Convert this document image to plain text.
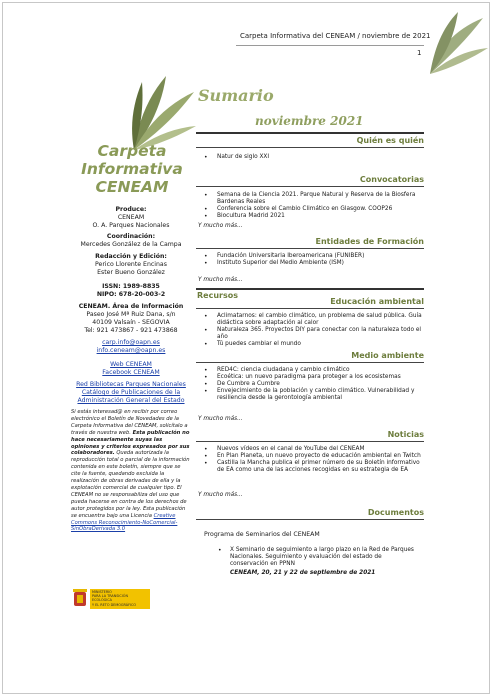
Carpeta Informativa del CENEAM / noviembre de 2021
1
Sumario
noviembre 2021
Carpeta
Informativa
CENEAM
Produce:
CENEAM
O. A. Parques Nacionales
Coordinación:
Mercedes González de la Campa
Redacción y Edición:
Perico Llorente Encinas
Ester Bueno González
ISSN: 1989-8835
NIPO: 678-20-003-2
CENEAM. Área de Información
Paseo José Mª Ruiz Dana, s/n
40109 Valsaín - SEGOVIA
Tel: 921 473867 - 921 473868
carp.info@oapn.es
info.ceneam@oapn.es
Web CENEAM
Facebook CENEAM
Red Bibliotecas Parques Nacionales
Catálogo de Publicaciones de la
Administración General del Estado
Si estás interesad@ en recibir por correo electrónico el Boletín de Novedades de la Carpeta Informativa del CENEAM, solicítalo a través de nuestra web. Esta publicación no hace necesariamente suyas las opiniones y criterios expresados por sus colaboradores. Queda autorizada la reproducción total o parcial de la información contenida en este boletín, siempre que se cite la fuente, quedando excluida la realización de obras derivadas de ella y la explotación comercial de cualquier tipo. El CENEAM no se responsabiliza del uso que pueda hacerse en contra de los derechos de autor protegidos por la ley. Esta publicación se encuentra bajo una Licencia Creative Commons Reconocimiento-NoComercial-SinObraDerivada 3.0
MINISTERIO
PARA LA TRANSICIÓN ECOLÓGICA
Y EL RETO DEMOGRÁFICO
Quién es quién
• Natur de siglo XXI
Convocatorias
• Semana de la Ciencia 2021. Parque Natural y Reserva de la Biosfera Bardenas Reales
• Conferencia sobre el Cambio Climático en Glasgow. COOP26
• Biocultura Madrid 2021
Y mucho más...
Entidades de Formación
• Fundación Universitaria Iberoamericana (FUNIBER)
• Instituto Superior del Medio Ambiente (ISM)
Y mucho más...
Recursos
Educación ambiental
• Aclimatarnos: el cambio climático, un problema de salud pública. Guía didáctica sobre adaptación al calor
• Naturaleza 365. Proyectos DIY para conectar con la naturaleza todo el año
• Tú puedes cambiar el mundo
Medio ambiente
• RED4C: ciencia ciudadana y cambio climático
• Ecoética: un nuevo paradigma para proteger a los ecosistemas
• De Cumbre a Cumbre
• Envejecimiento de la población y cambio climático. Vulnerabilidad y resiliencia desde la gerontología ambiental
Y mucho más...
Noticias
• Nuevos vídeos en el canal de YouTube del CENEAM
• En Plan Planeta, un nuevo proyecto de educación ambiental en Twitch
• Castilla la Mancha publica el primer número de su Boletín informativo de EA como una de las acciones recogidas en su estrategia de EA
Y mucho más...
Documentos
Programa de Seminarios del CENEAM
• X Seminario de seguimiento a largo plazo en la Red de Parques Nacionales. Seguimiento y evaluación del estado de conservación en PPNN
CENEAM, 20, 21 y 22 de septiembre de 2021
